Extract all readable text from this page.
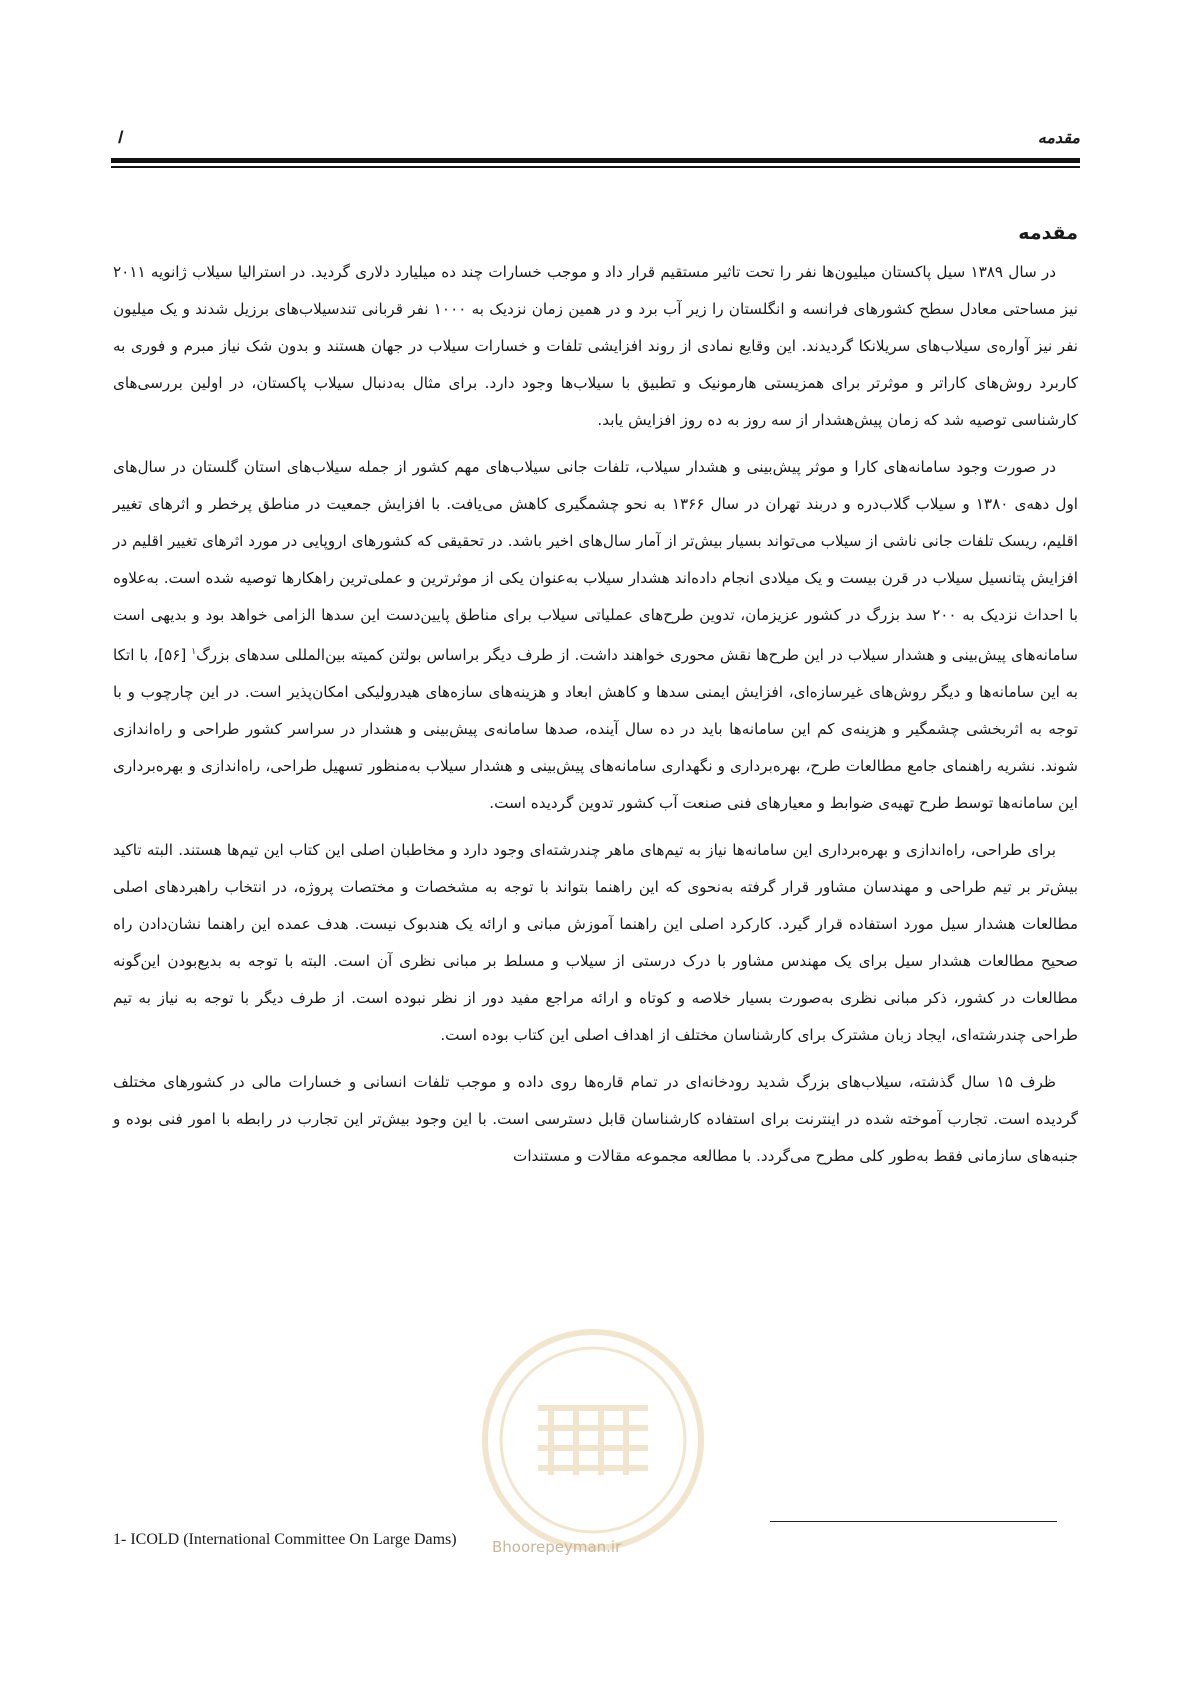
مقدمه
ا
مقدمه

در سال ۱۳۸۹ سیل پاکستان میلیون‌ها نفر را تحت تاثیر مستقیم قرار داد و موجب خسارات چند ده میلیارد دلاری گردید. در استرالیا سیلاب ژانویه ۲۰۱۱ نیز مساحتی معادل سطح کشورهای فرانسه و انگلستان را زیر آب برد و در همین زمان نزدیک به ۱۰۰۰ نفر قربانی تندسیلاب‌های برزیل شدند و یک میلیون نفر نیز آواره‌ی سیلاب‌های سریلانکا گردیدند. این وقایع نمادی از روند افزایشی تلفات و خسارات سیلاب در جهان هستند و بدون شک نیاز مبرم و فوری به کاربرد روش‌های کاراتر و موثرتر برای همزیستی هارمونیک و تطبیق با سیلاب‌ها وجود دارد. برای مثال به‌دنبال سیلاب پاکستان، در اولین بررسی‌های کارشناسی توصیه شد که زمان پیش‌هشدار از سه روز به ده روز افزایش یابد.

در صورت وجود سامانه‌های کارا و موثر پیش‌بینی و هشدار سیلاب، تلفات جانی سیلاب‌های مهم کشور از جمله سیلاب‌های استان گلستان در سال‌های اول دهه‌ی ۱۳۸۰ و سیلاب گلاب‌دره و دربند تهران در سال ۱۳۶۶ به نحو چشمگیری کاهش می‌یافت. با افزایش جمعیت در مناطق پرخطر و اثرهای تغییر اقلیم، ریسک تلفات جانی ناشی از سیلاب می‌تواند بسیار بیش‌تر از آمار سال‌های اخیر باشد. در تحقیقی که کشورهای اروپایی در مورد اثرهای تغییر اقلیم در افزایش پتانسیل سیلاب در قرن بیست و یک میلادی انجام داده‌اند هشدار سیلاب به‌عنوان یکی از موثرترین و عملی‌ترین راهکارها توصیه شده است. به‌علاوه با احداث نزدیک به ۲۰۰ سد بزرگ در کشور عزیزمان، تدوین طرح‌های عملیاتی سیلاب برای مناطق پایین‌دست این سدها الزامی خواهد بود و بدیهی است سامانه‌های پیش‌بینی و هشدار سیلاب در این طرح‌ها نقش محوری خواهند داشت. از طرف دیگر براساس بولتن کمیته بین‌المللی سدهای بزرگ$^۱$ [۵۶]، با اتکا به این سامانه‌ها و دیگر روش‌های غیرسازه‌ای، افزایش ایمنی سدها و کاهش ابعاد و هزینه‌های سازه‌های هیدرولیکی امکان‌پذیر است. در این چارچوب و با توجه به اثربخشی چشمگیر و هزینه‌ی کم این سامانه‌ها باید در ده سال آینده، صدها سامانه‌ی پیش‌بینی و هشدار در سراسر کشور طراحی و راه‌اندازی شوند. نشریه راهنمای جامع مطالعات طرح، بهره‌برداری و نگهداری سامانه‌های پیش‌بینی و هشدار سیلاب به‌منظور تسهیل طراحی، راه‌اندازی و بهره‌برداری این سامانه‌ها توسط طرح تهیه‌ی ضوابط و معیارهای فنی صنعت آب کشور تدوین گردیده است.

برای طراحی، راه‌اندازی و بهره‌برداری این سامانه‌ها نیاز به تیم‌های ماهر چندرشته‌ای وجود دارد و مخاطبان اصلی این کتاب این تیم‌ها هستند. البته تاکید بیش‌تر بر تیم طراحی و مهندسان مشاور قرار گرفته به‌نحوی که این راهنما بتواند با توجه به مشخصات و مختصات پروژه، در انتخاب راهبردهای اصلی مطالعات هشدار سیل مورد استفاده قرار گیرد. کارکرد اصلی این راهنما آموزش مبانی و ارائه یک هندبوک نیست. هدف عمده این راهنما نشان‌دادن راه صحیح مطالعات هشدار سیل برای یک مهندس مشاور با درک درستی از سیلاب و مسلط بر مبانی نظری آن است. البته با توجه به بدیع‌بودن این‌گونه مطالعات در کشور، ذکر مبانی نظری به‌صورت بسیار خلاصه و کوتاه و ارائه مراجع مفید دور از نظر نبوده است. از طرف دیگر با توجه به نیاز به تیم طراحی چندرشته‌ای، ایجاد زبان مشترک برای کارشناسان مختلف از اهداف اصلی این کتاب بوده است.

ظرف ۱۵ سال گذشته، سیلاب‌های بزرگ شدید رودخانه‌ای در تمام قاره‌ها روی داده و موجب تلفات انسانی و خسارات مالی در کشورهای مختلف گردیده است. تجارب آموخته شده در اینترنت برای استفاده کارشناسان قابل دسترسی است. با این وجود بیش‌تر این تجارب در رابطه با امور فنی بوده و جنبه‌های سازمانی فقط به‌طور کلی مطرح می‌گردد. با مطالعه مجموعه مقالات و مستندات

Bhoorepeyman.ir
1- ICOLD (International Committee On Large Dams)
